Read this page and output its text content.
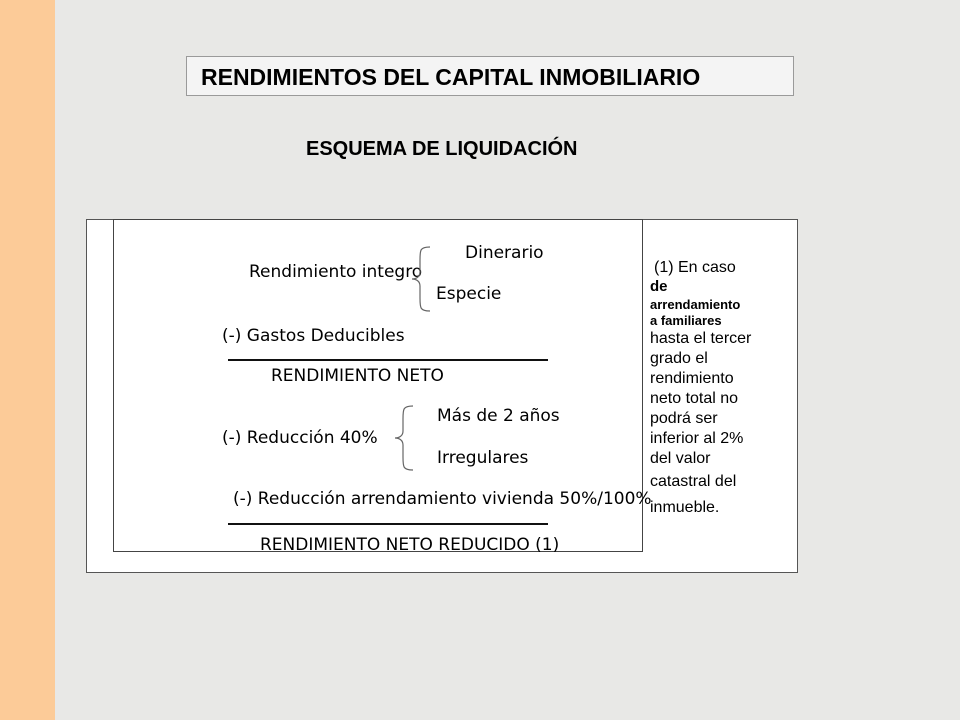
RENDIMIENTOS DEL CAPITAL INMOBILIARIO
ESQUEMA DE LIQUIDACIÓN
Dinerario
Rendimiento integro
Especie
(-) Gastos Deducibles
RENDIMIENTO NETO
Más de 2 años
(-) Reducción 40%
Irregulares
(-) Reducción arrendamiento vivienda 50%/100%
RENDIMIENTO NETO REDUCIDO (1)
(1) En caso
de
arrendamiento
a familiares
hasta el tercer
grado el
rendimiento
neto total no
podrá ser
inferior al 2%
del valor
catastral del
inmueble.
